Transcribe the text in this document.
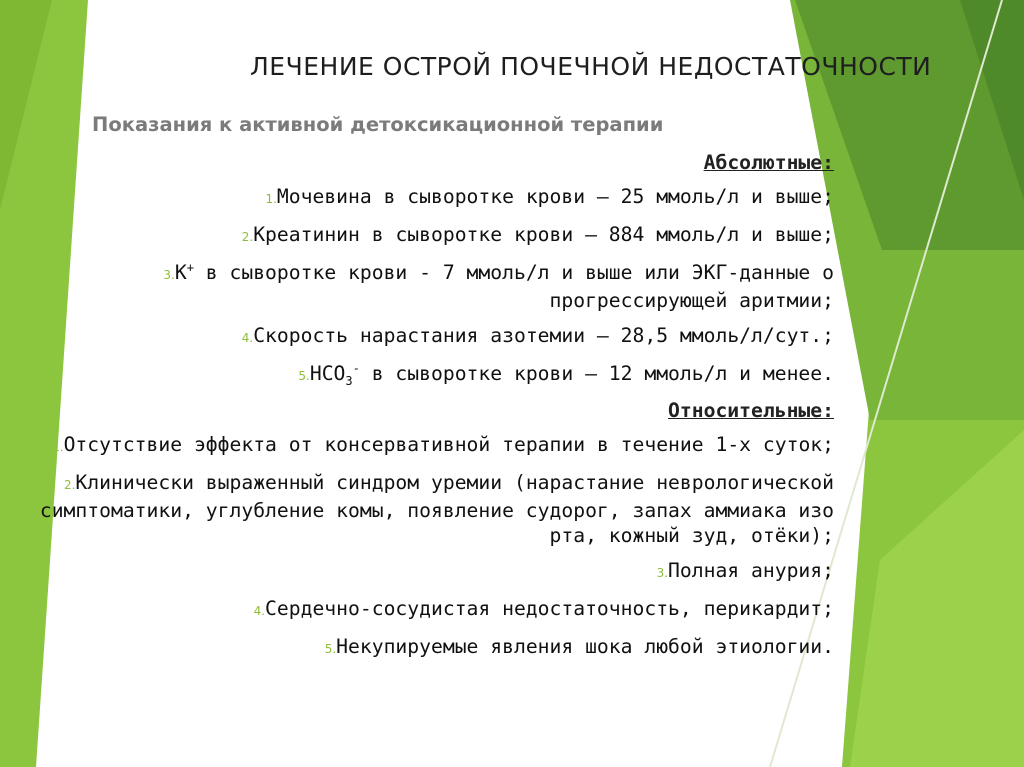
ЛЕЧЕНИЕ ОСТРОЙ ПОЧЕЧНОЙ НЕДОСТАТОЧНОСТИ
Показания к активной детоксикационной терапии
Абсолютные:
1.Мочевина в сыворотке крови – 25 ммоль/л и выше;
2.Креатинин в сыворотке крови – 884 ммоль/л и выше;
3.К+ в сыворотке крови - 7 ммоль/л и выше или ЭКГ-данные о прогрессирующей аритмии;
4.Скорость нарастания азотемии – 28,5 ммоль/л/сут.;
$5.НСО_3^-$ в сыворотке крови – 12 ммоль/л и менее.
Относительные:
1.Отсутствие эффекта от консервативной терапии в течение 1-х суток;
2.Клинически выраженный синдром уремии (нарастание неврологической симптоматики, углубление комы, появление судорог, запах аммиака изо рта, кожный зуд, отёки);
3.Полная анурия;
4.Сердечно-сосудистая недостаточность, перикардит;
5.Некупируемые явления шока любой этиологии.
